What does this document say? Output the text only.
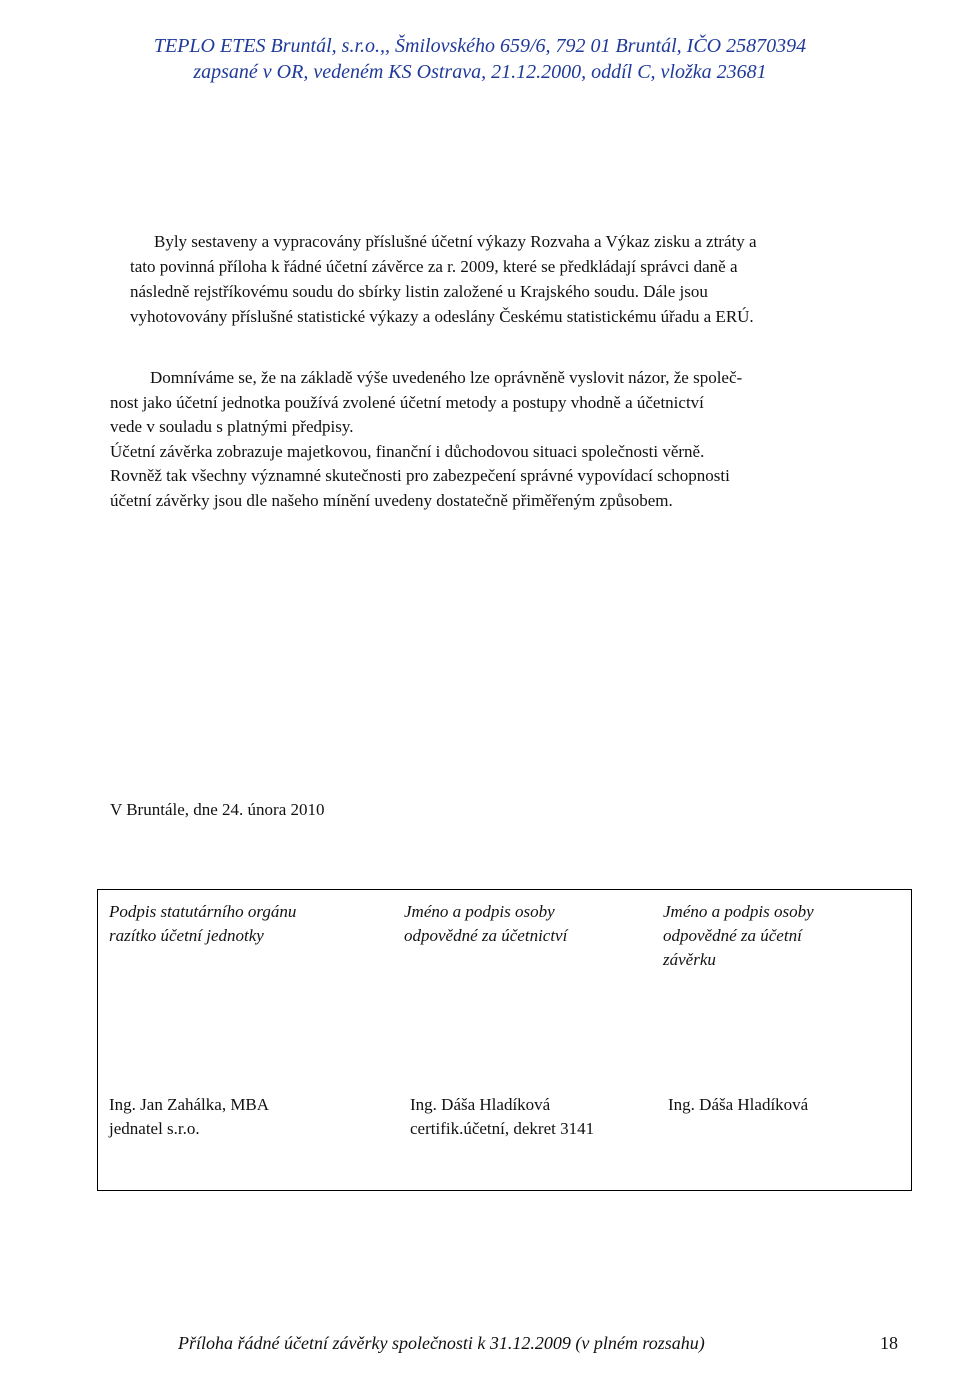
TEPLO ETES Bruntál, s.r.o.,, Šmilovského 659/6, 792 01 Bruntál, IČO 25870394
zapsané v OR, vedeném KS Ostrava, 21.12.2000, oddíl C, vložka 23681
Byly sestaveny a vypracovány příslušné účetní výkazy Rozvaha a Výkaz zisku a ztráty a
tato povinná příloha k řádné účetní závěrce za r. 2009, které se předkládají správci daně a
následně rejstříkovému soudu do sbírky listin založené u Krajského soudu. Dále jsou
vyhotovovány příslušné statistické výkazy a odeslány Českému statistickému úřadu a ERÚ.
Domníváme se, že na základě výše uvedeného lze oprávněně vyslovit názor, že společ-
nost jako účetní jednotka používá zvolené účetní metody a postupy vhodně a účetnictví
vede v souladu s platnými předpisy.
Účetní závěrka zobrazuje majetkovou, finanční i důchodovou situaci společnosti věrně.
Rovněž tak všechny významné skutečnosti pro zabezpečení správné vypovídací schopnosti
účetní závěrky jsou dle našeho mínění uvedeny dostatečně přiměřeným způsobem.
V Bruntále, dne 24. února 2010
Podpis statutárního orgánu
razítko účetní jednotky
Jméno a podpis osoby
odpovědné za účetnictví
Jméno a podpis osoby
odpovědné za účetní
závěrku
Ing. Jan Zahálka, MBA
jednatel s.r.o.
Ing. Dáša Hladíková
certifik.účetní, dekret 3141
Ing. Dáša Hladíková
Příloha řádné účetní závěrky společnosti k 31.12.2009 (v plném rozsahu)	18
